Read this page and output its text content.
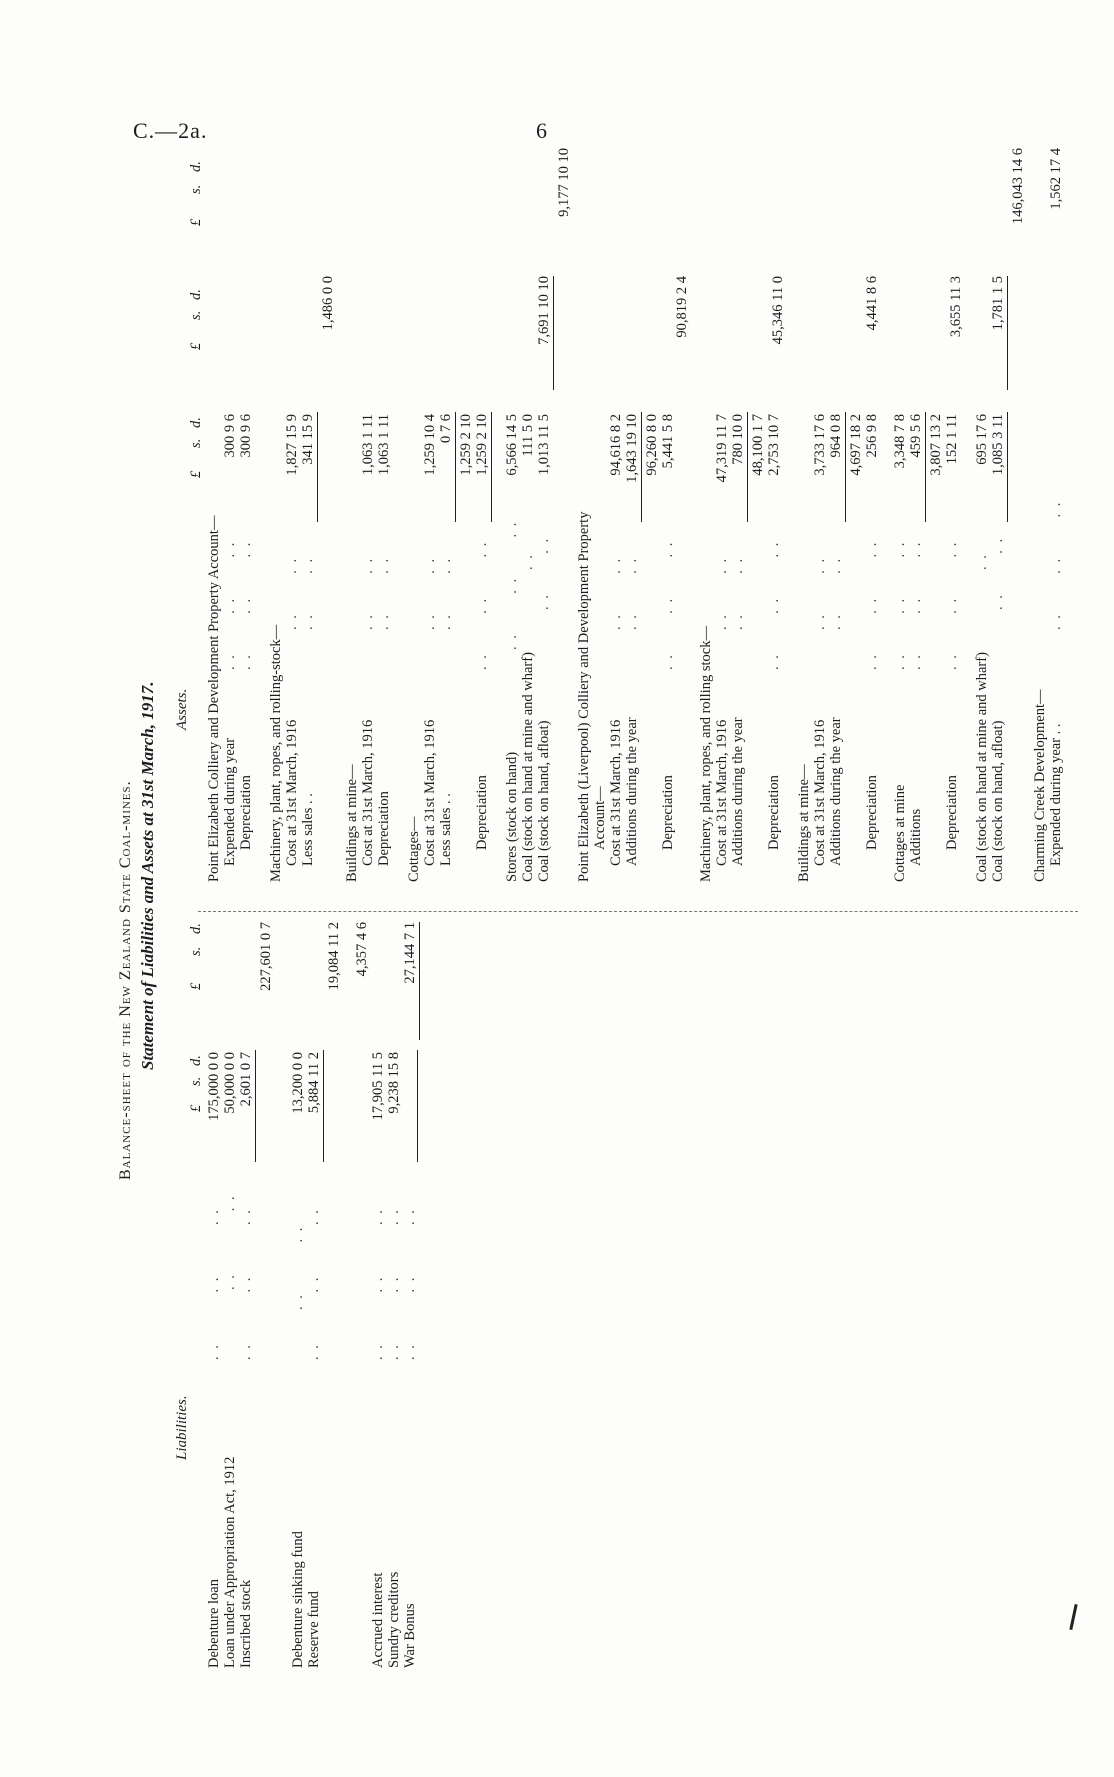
C.—2a.	6
Balance-sheet of the New Zealand State Coal-mines. Statement of Liabilities and Assets at 31st March, 1917.
Liabilities.
Assets.
£
s.
d.
£
s.
d.
£
s.
d.
£
s.
d.
£
s.
d.
Debenture loan
. .         . .         . .
175,000 0 0
Loan under Appropriation Act, 1912
. .           . .
50,000 0 0
Inscribed stock
. .         . .         . .
2,601 0 7
227,601 0 7
Debenture sinking fund
. .         . .
13,200 0 0
Reserve fund
. .         . .         . .
5,884 11 2
19,084 11 2 4,357 4 6
Accrued interest
. .         . .         . .
17,905 11 5
Sundry creditors
. .         . .         . .
9,238 15 8
War Bonus
. .         . .         . .
27,144 7 1
Point Elizabeth Colliery and Development Property Account— Expended during year
. .       . .       . .
300 9 6
Depreciation
. .       . .       . .
300 9 6
Machinery, plant, ropes, and rolling-stock— Cost at 31st March, 1916
. .       . .
1,827 15 9
Less sales . .
. .       . .
341 15 9
1,486 0 0
Buildings at mine— Cost at 31st March, 1916
. .       . .
1,063 1 11
Depreciation
. .       . .
1,063 1 11
Cottages— Cost at 31st March, 1916
. .       . .
1,259 10 4
Less sales . .
. .       . .
0 7 6 1,259 2 10
Depreciation
. .       . .       . .
1,259 2 10
Stores (stock on hand)
. .       . .       . .
6,566 14 5
Coal (stock on hand at mine and wharf)
. .
111 5 0
Coal (stock on hand, afloat)
. .       . .
1,013 11 5
7,691 10 10
9,177 10 10
Point Elizabeth (Liverpool) Colliery and Development Property Account— Cost at 31st March, 1916
. .       . .
94,616 8 2
Additions during the year
. .       . .
1,643 19 10 96,260 8 0
Depreciation
. .       . .       . .
5,441 5 8
90,819 2 4
Machinery, plant, ropes, and rolling stock— Cost at 31st March, 1916
. .       . .
47,319 11 7
Additions during the year
. .       . .
780 10 0 48,100 1 7
Depreciation
. .       . .       . .
2,753 10 7
45,346 11 0
Buildings at mine— Cost at 31st March, 1916
. .       . .
3,733 17 6
Additions during the year
. .       . .
964 0 8 4,697 18 2
Depreciation
. .       . .       . .
256 9 8
4,441 8 6
Cottages at mine
. .       . .       . .
3,348 7 8
Additions
. .       . .       . .
459 5 6 3,807 13 2
Depreciation
. .       . .       . .
152 1 11
3,655 11 3
Coal (stock on hand at mine and wharf)
. .
695 17 6
Coal (stock on hand, afloat)
. .       . .
1,085 3 11
1,781 1 5
146,043 14 6
Charming Creek Development— Expended during year . .
. .       . .       . .
1,562 17 4
